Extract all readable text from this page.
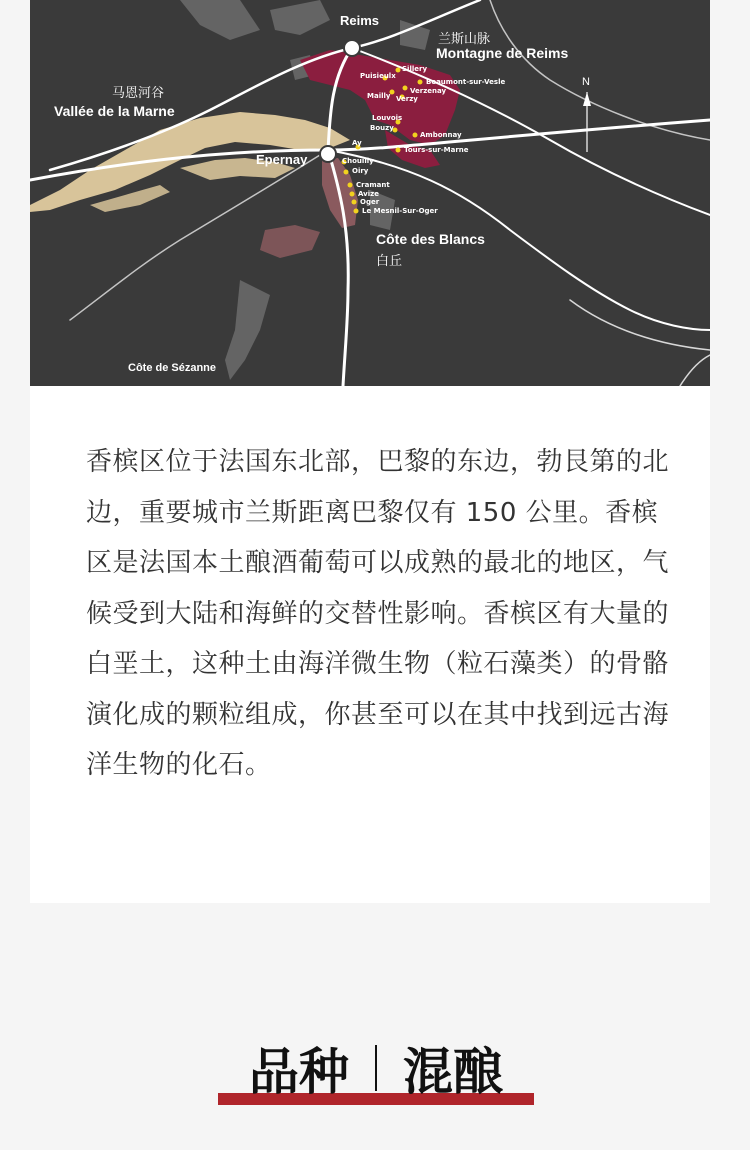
Reims
Epernay
兰斯山脉
Montagne de Reims
马恩河谷
Vallée de la Marne
Côte des Blancs
白丘
Côte de Sézanne
N
Sillery
Puisieulx
Beaumont-sur-Vesle
Verzenay
Mailly Verzy
Louvois
Bouzy
Ambonnay
Ay
Tours-sur-Marne
Chouilly
Oiry
Cramant
Avize
Oger
Le Mesnil-Sur-Oger
香槟区位于法国东北部，巴黎的东边，勃艮第的北边，重要城市兰斯距离巴黎仅有 150 公里。香槟区是法国本土酿酒葡萄可以成熟的最北的地区，气候受到大陆和海鲜的交替性影响。香槟区有大量的白垩土，这种土由海洋微生物（粒石藻类）的骨骼演化成的颗粒组成，你甚至可以在其中找到远古海洋生物的化石。
品种 混酿
